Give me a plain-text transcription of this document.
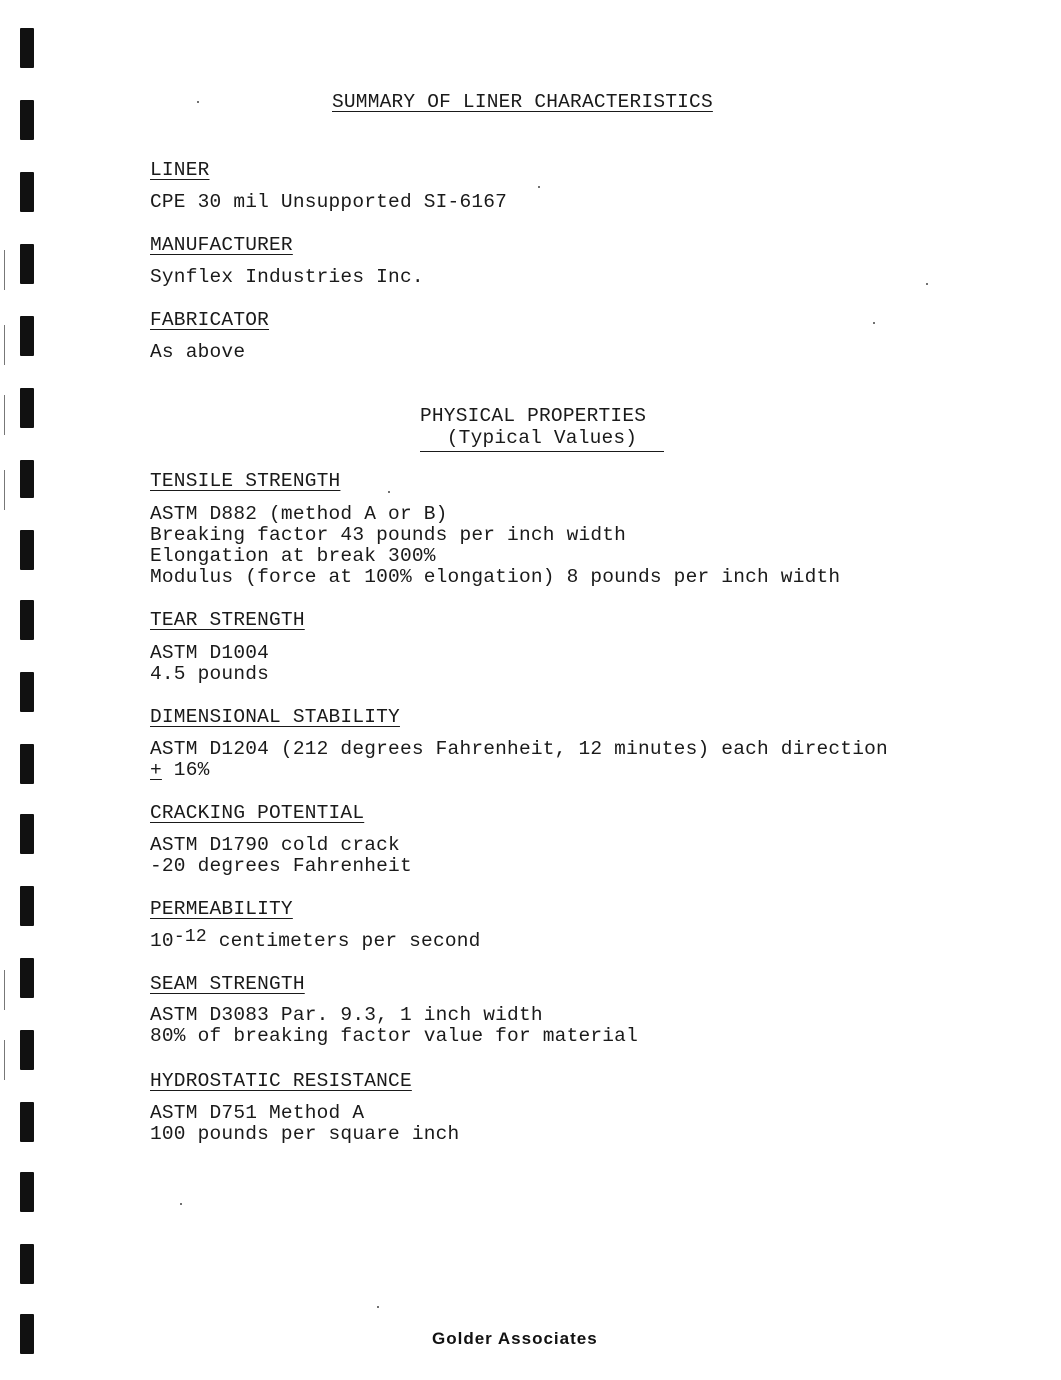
SUMMARY OF LINER CHARACTERISTICS
LINER
CPE 30 mil Unsupported SI-6167
MANUFACTURER
Synflex Industries Inc.
FABRICATOR
As above
PHYSICAL PROPERTIES
(Typical Values)
TENSILE STRENGTH
ASTM D882 (method A or B)
Breaking factor 43 pounds per inch width
Elongation at break 300%
Modulus (force at 100% elongation) 8 pounds per inch width
TEAR STRENGTH
ASTM D1004
4.5 pounds
DIMENSIONAL STABILITY
ASTM D1204 (212 degrees Fahrenheit, 12 minutes) each direction
+ 16%
CRACKING POTENTIAL
ASTM D1790 cold crack
-20 degrees Fahrenheit
PERMEABILITY
$10^{-12}$ centimeters per second
SEAM STRENGTH
ASTM D3083 Par. 9.3, 1 inch width
80% of breaking factor value for material
HYDROSTATIC RESISTANCE
ASTM D751 Method A
100 pounds per square inch
Golder Associates
